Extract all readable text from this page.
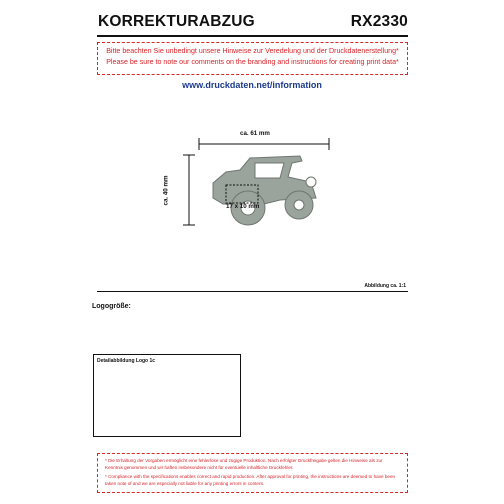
KORREKTURABZUG	RX2330
Bitte beachten Sie unbedingt unsere Hinweise zur Veredelung und der Druckdatenerstellung*
Please be sure to note our comments on the branding and instructions for creating print data*
www.druckdaten.net/information
ca. 61 mm
ca. 40 mm
17 x 10 mm
Abbildung ca. 1:1
Logogröße:
Detailabbildung Logo 1c

* Die Erhaltung der Vorgaben ermöglicht eine fehlerlose und zügige Produktion. Nach erfolgter Druckfreigabe gelten die Hinweise als zur Kenntnis genommen und wir haften insbesondere nicht für eventuelle inhaltliche Druckfehler.

* Compliance with the specifications enables correct and rapid production. After approval for printing, the instructions are deemed to have been taken note of and we are especially not liable for any printing errors in content.
